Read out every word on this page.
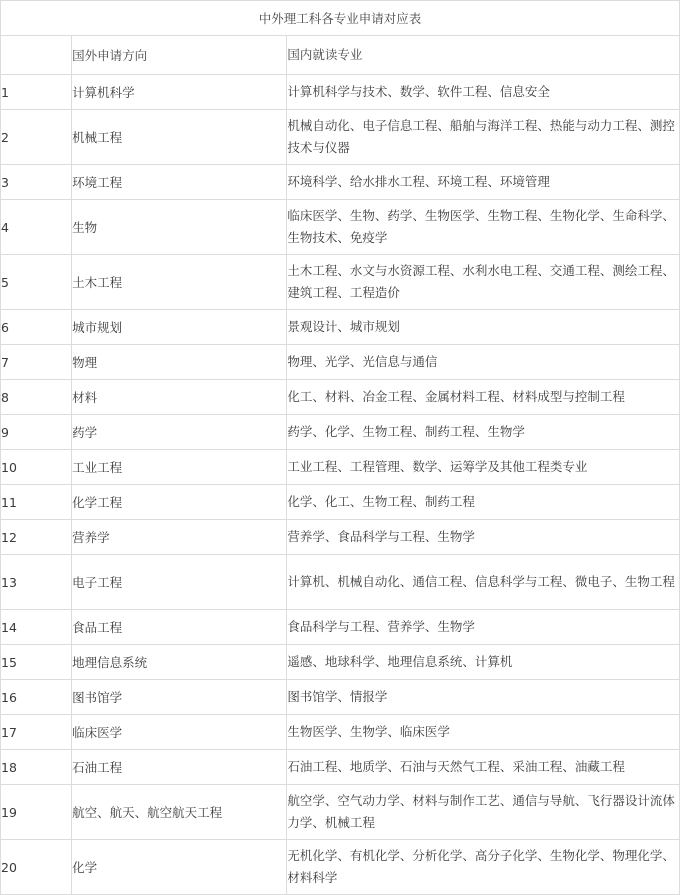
中外理工科各专业申请对应表		
	国外申请方向	国内就读专业
1	计算机科学	计算机科学与技术、数学、软件工程、信息安全
2	机械工程	机械自动化、电子信息工程、船舶与海洋工程、热能与动力工程、测控技术与仪器
3	环境工程	环境科学、给水排水工程、环境工程、环境管理
4	生物	临床医学、生物、药学、生物医学、生物工程、生物化学、生命科学、生物技术、免疫学
5	土木工程	土木工程、水文与水资源工程、水利水电工程、交通工程、测绘工程、建筑工程、工程造价
6	城市规划	景观设计、城市规划
7	物理	物理、光学、光信息与通信
8	材料	化工、材料、冶金工程、金属材料工程、材料成型与控制工程
9	药学	药学、化学、生物工程、制药工程、生物学
10	工业工程	工业工程、工程管理、数学、运筹学及其他工程类专业
11	化学工程	化学、化工、生物工程、制药工程
12	营养学	营养学、食品科学与工程、生物学
13	电子工程	计算机、机械自动化、通信工程、信息科学与工程、微电子、生物工程
14	食品工程	食品科学与工程、营养学、生物学
15	地理信息系统	遥感、地球科学、地理信息系统、计算机
16	图书馆学	图书馆学、情报学
17	临床医学	生物医学、生物学、临床医学
18	石油工程	石油工程、地质学、石油与天然气工程、采油工程、油藏工程
19	航空、航天、航空航天工程	航空学、空气动力学、材料与制作工艺、通信与导航、飞行器设计流体力学、机械工程
20	化学	无机化学、有机化学、分析化学、高分子化学、生物化学、物理化学、材料科学
